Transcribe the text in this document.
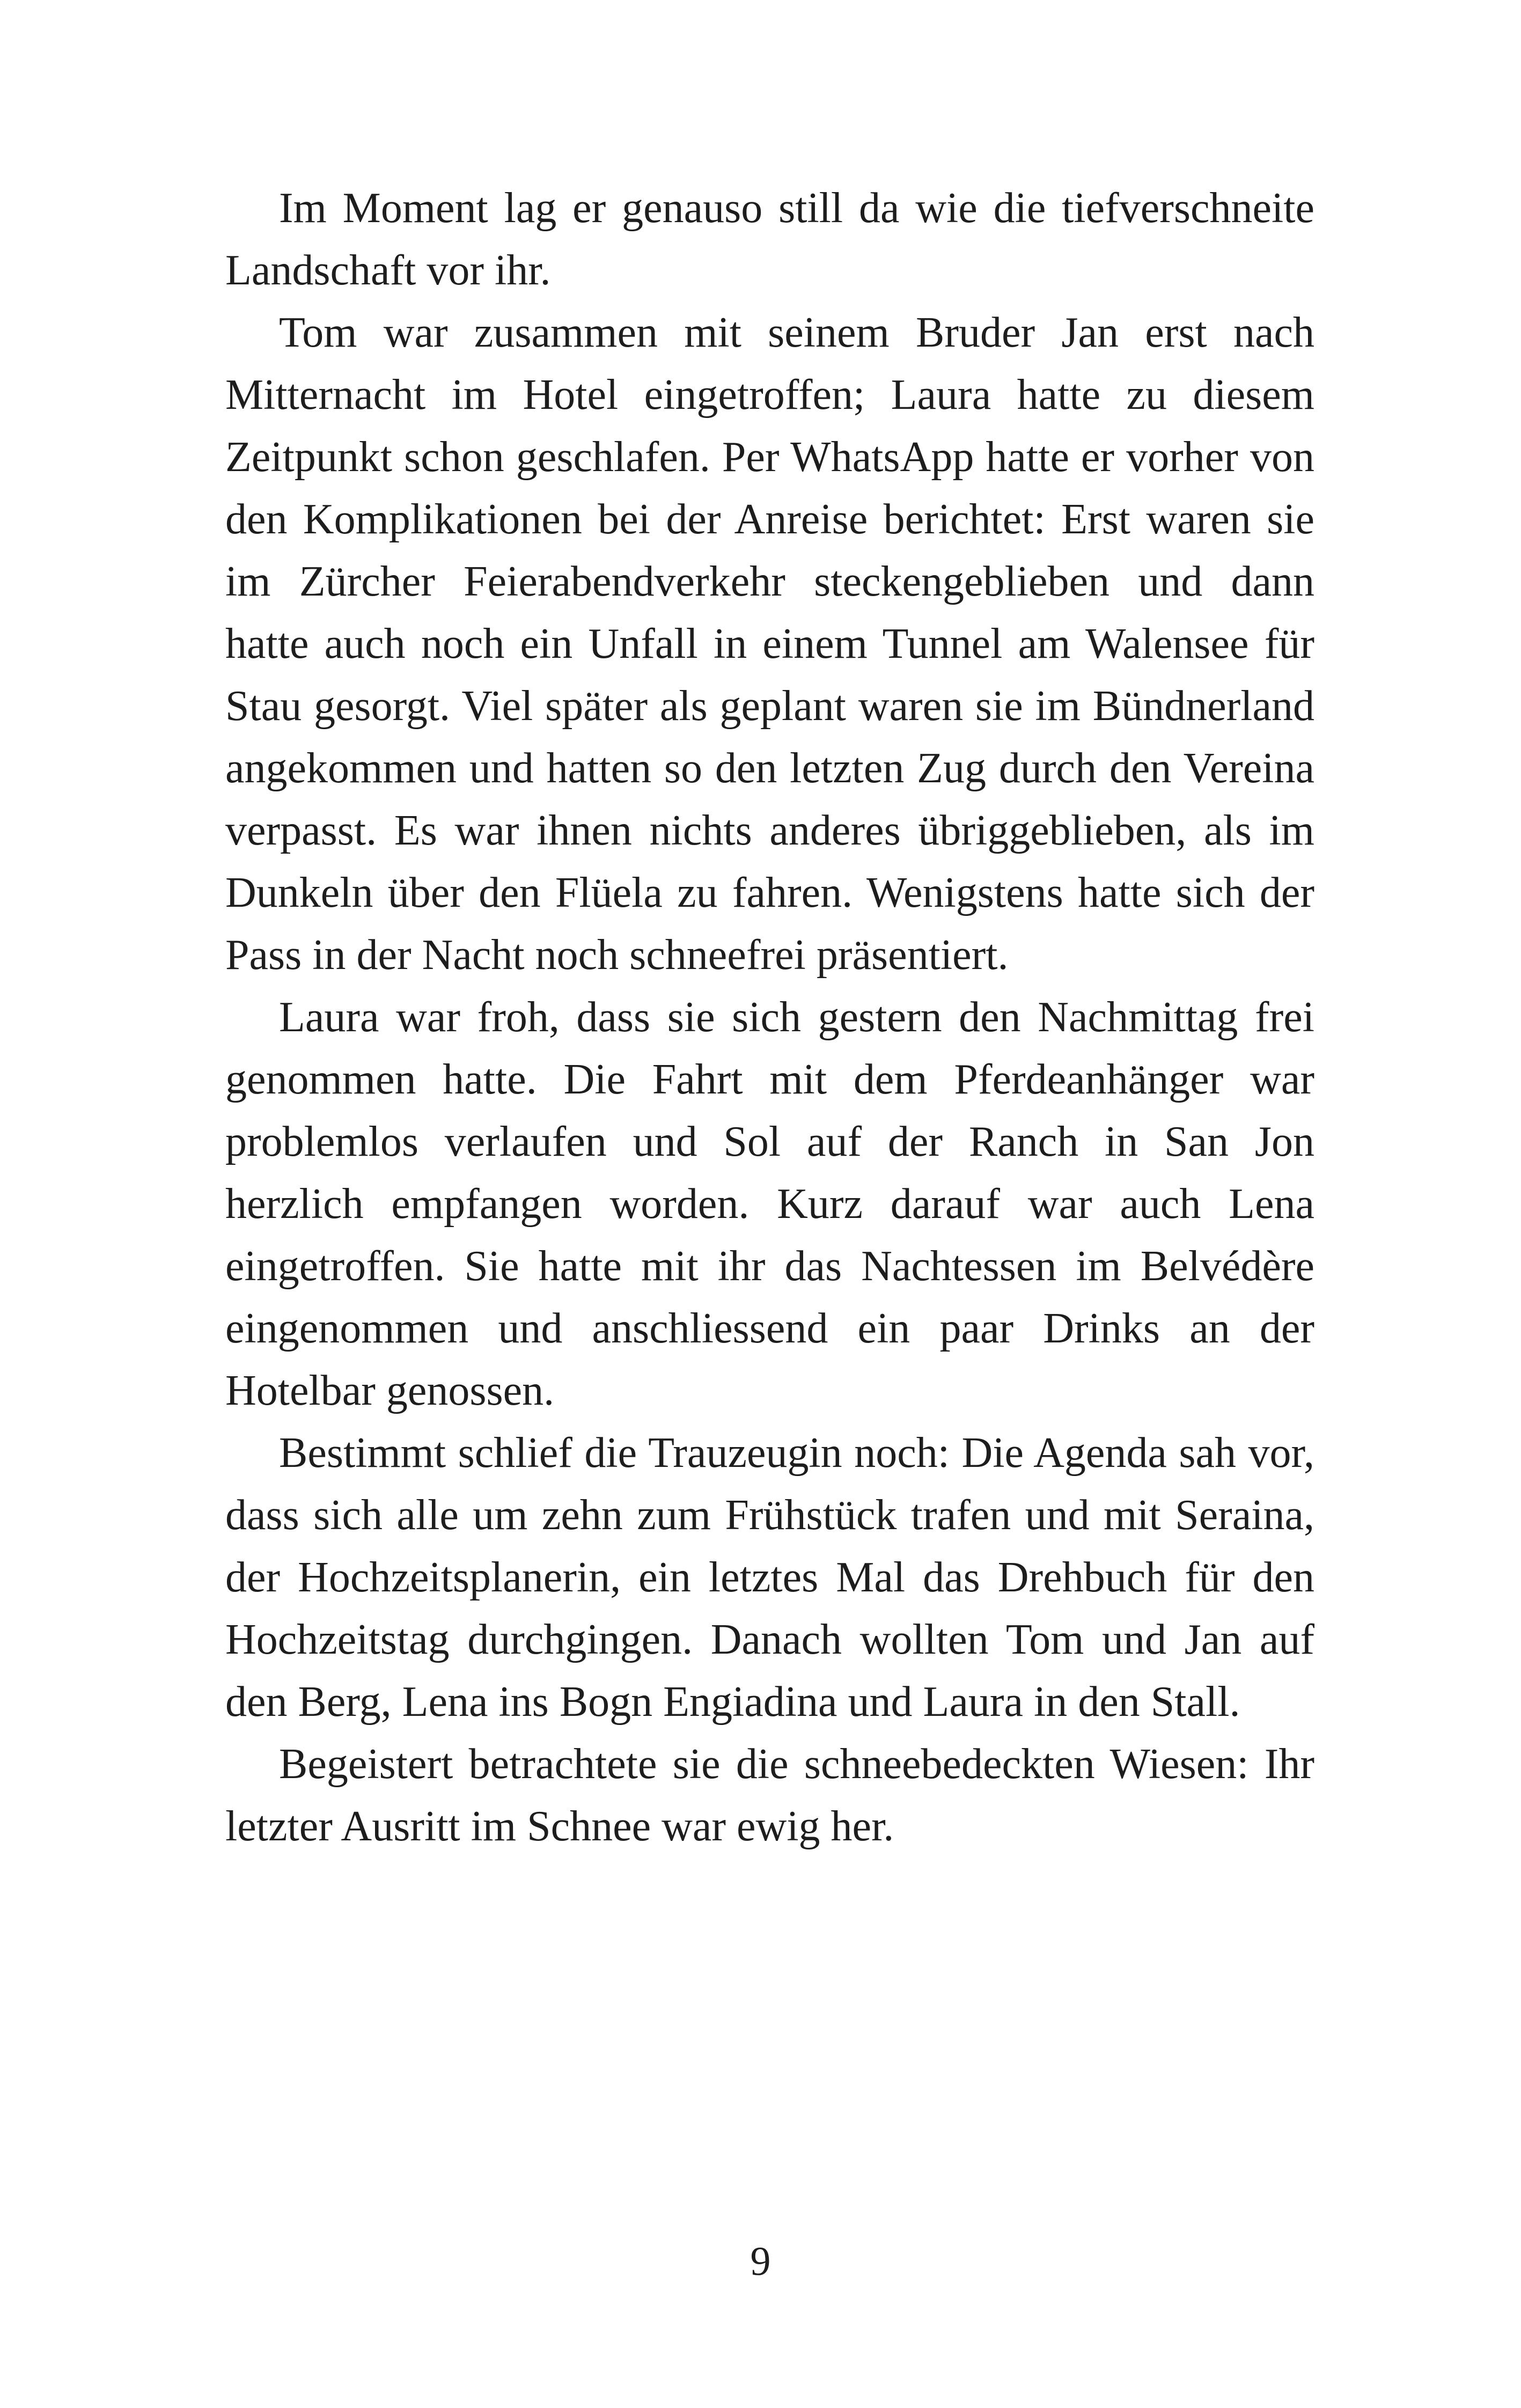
Im Moment lag er genauso still da wie die tiefverschneite Landschaft vor ihr.

Tom war zusammen mit seinem Bruder Jan erst nach Mitternacht im Hotel eingetroffen; Laura hatte zu diesem Zeitpunkt schon geschlafen. Per WhatsApp hatte er vorher von den Komplikationen bei der Anreise berichtet: Erst waren sie im Zürcher Feierabendverkehr steckengeblieben und dann hatte auch noch ein Unfall in einem Tunnel am Walensee für Stau gesorgt. Viel später als geplant waren sie im Bündnerland angekommen und hatten so den letzten Zug durch den Vereina verpasst. Es war ihnen nichts anderes übriggeblieben, als im Dunkeln über den Flüela zu fahren. Wenigstens hatte sich der Pass in der Nacht noch schneefrei präsentiert.

Laura war froh, dass sie sich gestern den Nachmittag frei genommen hatte. Die Fahrt mit dem Pferdeanhänger war problemlos verlaufen und Sol auf der Ranch in San Jon herzlich empfangen worden. Kurz darauf war auch Lena eingetroffen. Sie hatte mit ihr das Nachtessen im Belvédère eingenommen und anschliessend ein paar Drinks an der Hotelbar genossen.

Bestimmt schlief die Trauzeugin noch: Die Agenda sah vor, dass sich alle um zehn zum Frühstück trafen und mit Seraina, der Hochzeitsplanerin, ein letztes Mal das Drehbuch für den Hochzeitstag durchgingen. Danach wollten Tom und Jan auf den Berg, Lena ins Bogn Engiadina und Laura in den Stall.

Begeistert betrachtete sie die schneebedeckten Wiesen: Ihr letzter Ausritt im Schnee war ewig her.

9
